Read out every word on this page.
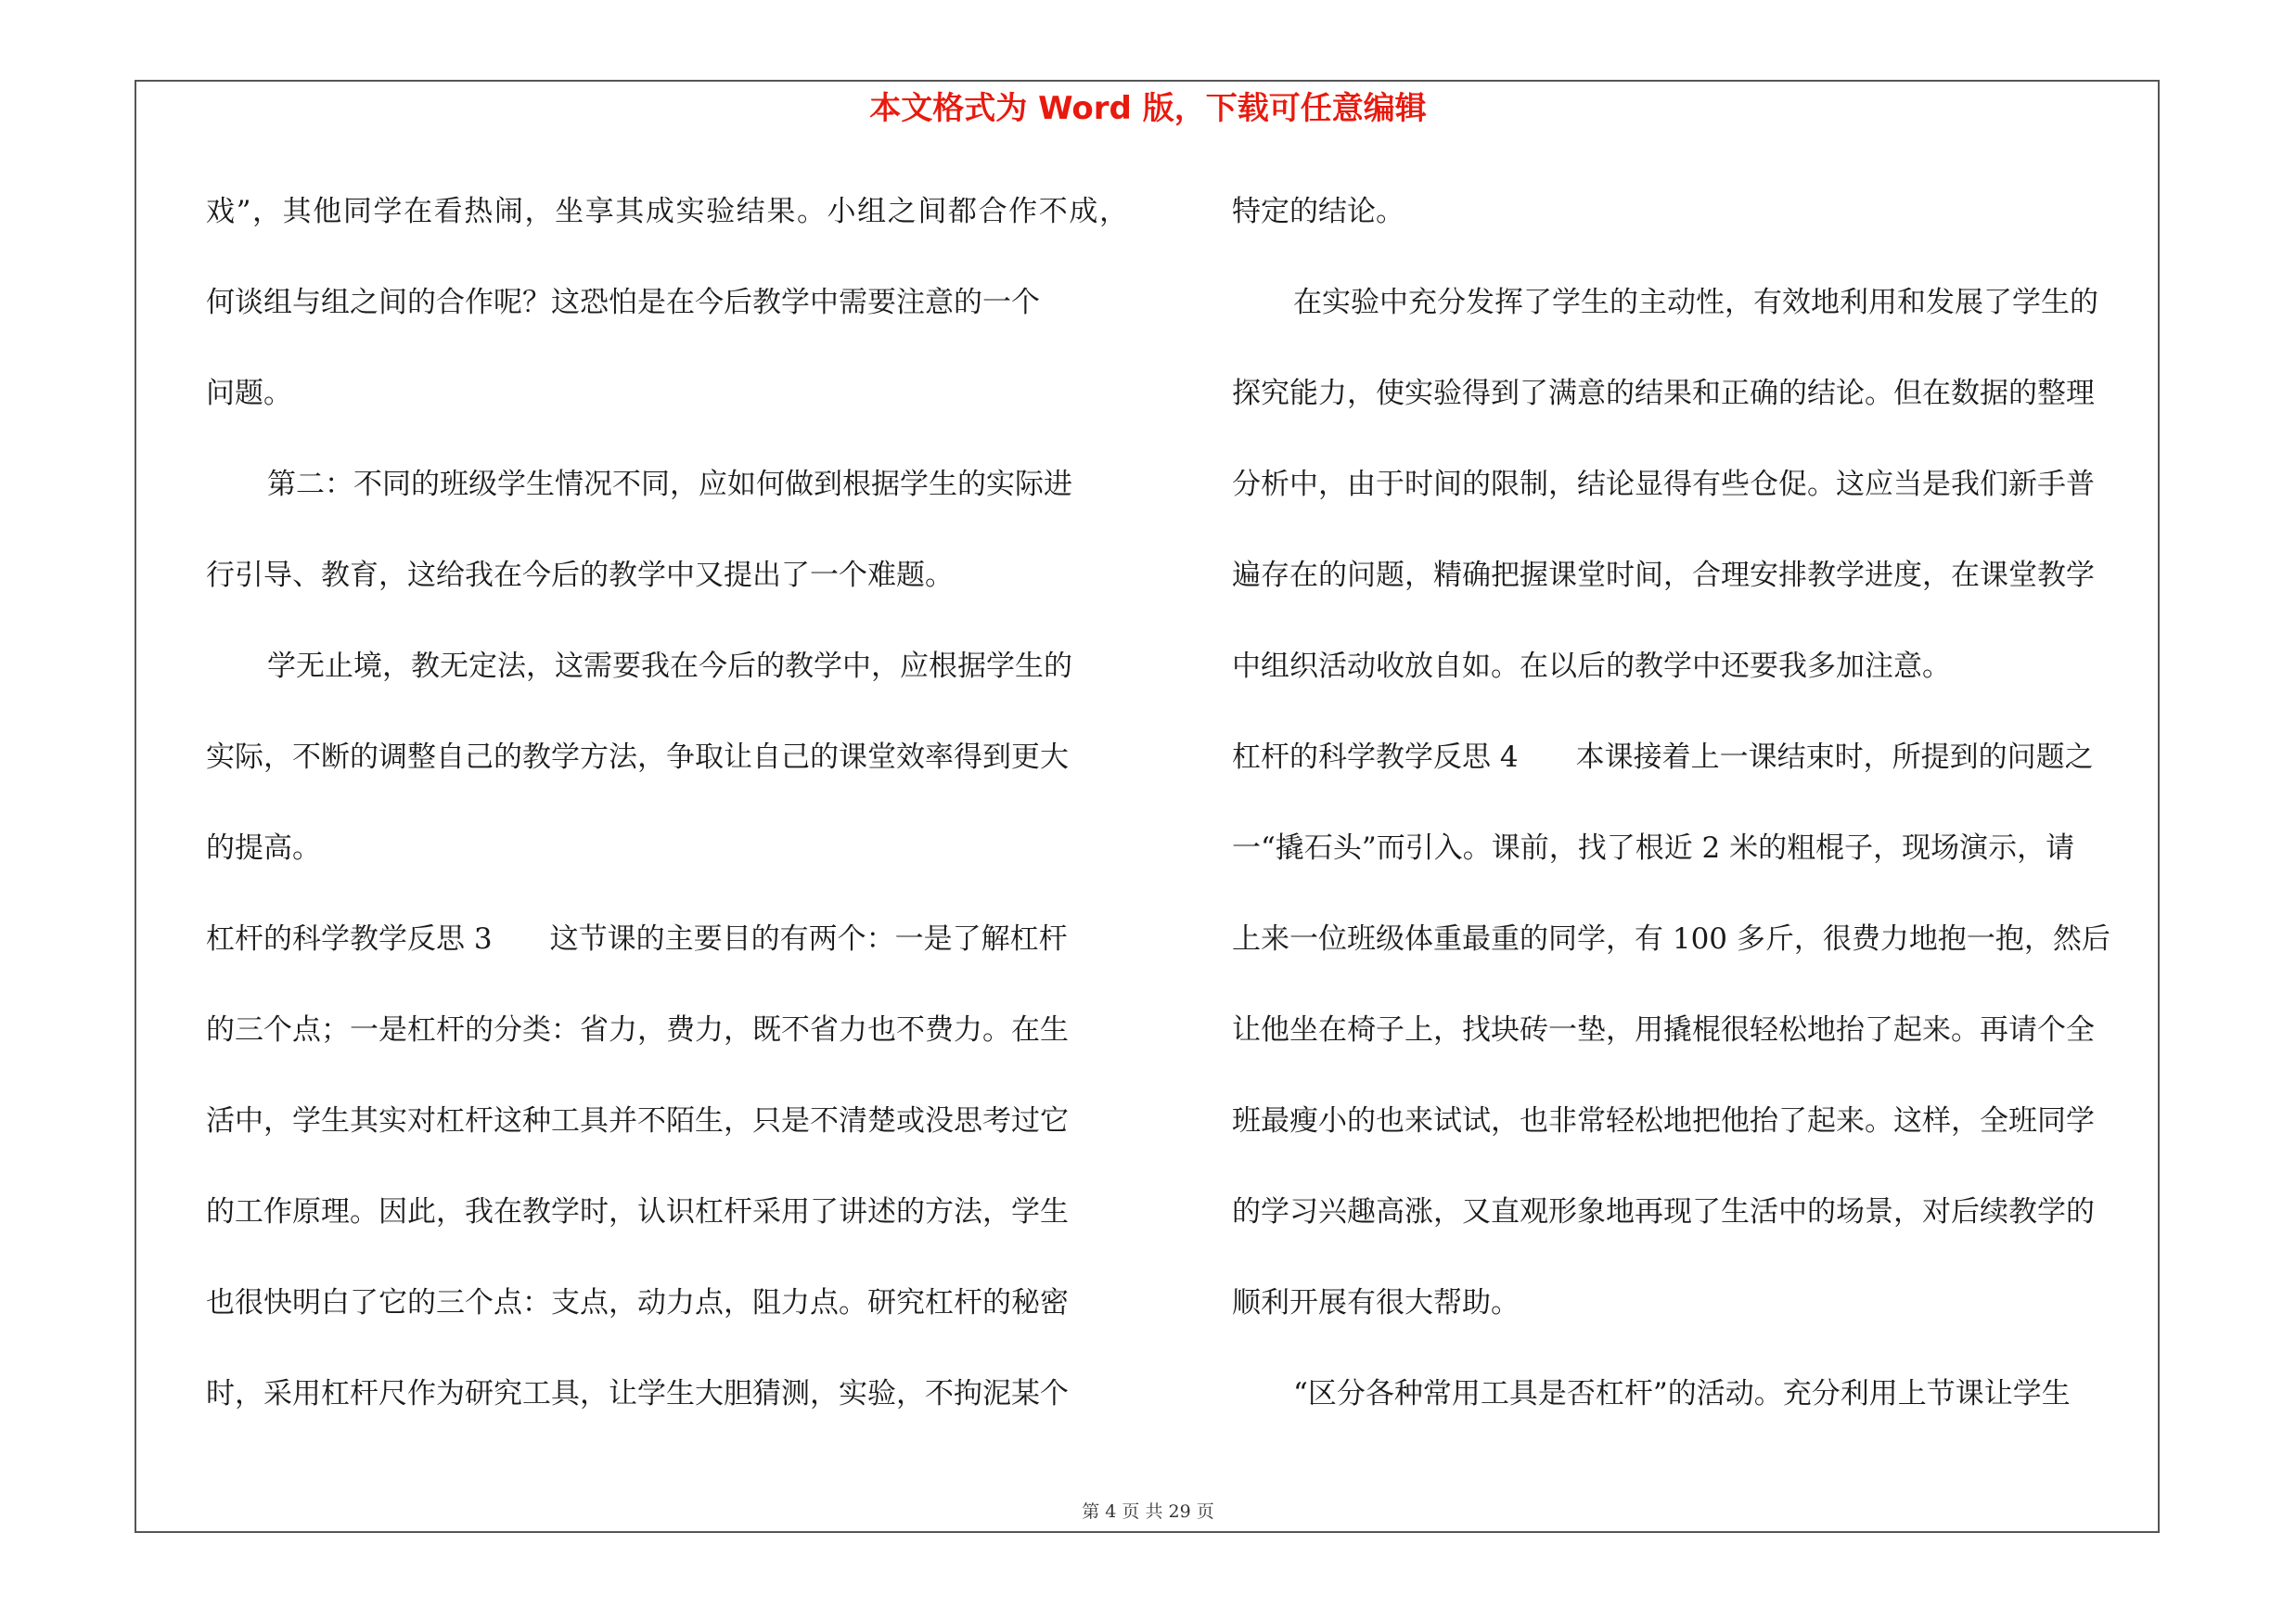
本文格式为 Word 版，下载可任意编辑
戏”，其他同学在看热闹，坐享其成实验结果。小组之间都合作不成，
何谈组与组之间的合作呢？这恐怕是在今后教学中需要注意的一个
问题。
第二：不同的班级学生情况不同，应如何做到根据学生的实际进
行引导、教育，这给我在今后的教学中又提出了一个难题。
学无止境，教无定法，这需要我在今后的教学中，应根据学生的
实际，不断的调整自己的教学方法，争取让自己的课堂效率得到更大
的提高。
杠杆的科学教学反思 3 这节课的主要目的有两个：一是了解杠杆
的三个点；一是杠杆的分类：省力，费力，既不省力也不费力。在生
活中，学生其实对杠杆这种工具并不陌生，只是不清楚或没思考过它
的工作原理。因此，我在教学时，认识杠杆采用了讲述的方法，学生
也很快明白了它的三个点：支点，动力点，阻力点。研究杠杆的秘密
时，采用杠杆尺作为研究工具，让学生大胆猜测，实验，不拘泥某个
特定的结论。
在实验中充分发挥了学生的主动性，有效地利用和发展了学生的
探究能力，使实验得到了满意的结果和正确的结论。但在数据的整理
分析中，由于时间的限制，结论显得有些仓促。这应当是我们新手普
遍存在的问题，精确把握课堂时间，合理安排教学进度，在课堂教学
中组织活动收放自如。在以后的教学中还要我多加注意。
杠杆的科学教学反思 4 本课接着上一课结束时，所提到的问题之
一“撬石头”而引入。课前，找了根近 2 米的粗棍子，现场演示，请
上来一位班级体重最重的同学，有 100 多斤，很费力地抱一抱，然后
让他坐在椅子上，找块砖一垫，用撬棍很轻松地抬了起来。再请个全
班最瘦小的也来试试，也非常轻松地把他抬了起来。这样，全班同学
的学习兴趣高涨，又直观形象地再现了生活中的场景，对后续教学的
顺利开展有很大帮助。
“区分各种常用工具是否杠杆”的活动。充分利用上节课让学生
第 4 页 共 29 页
